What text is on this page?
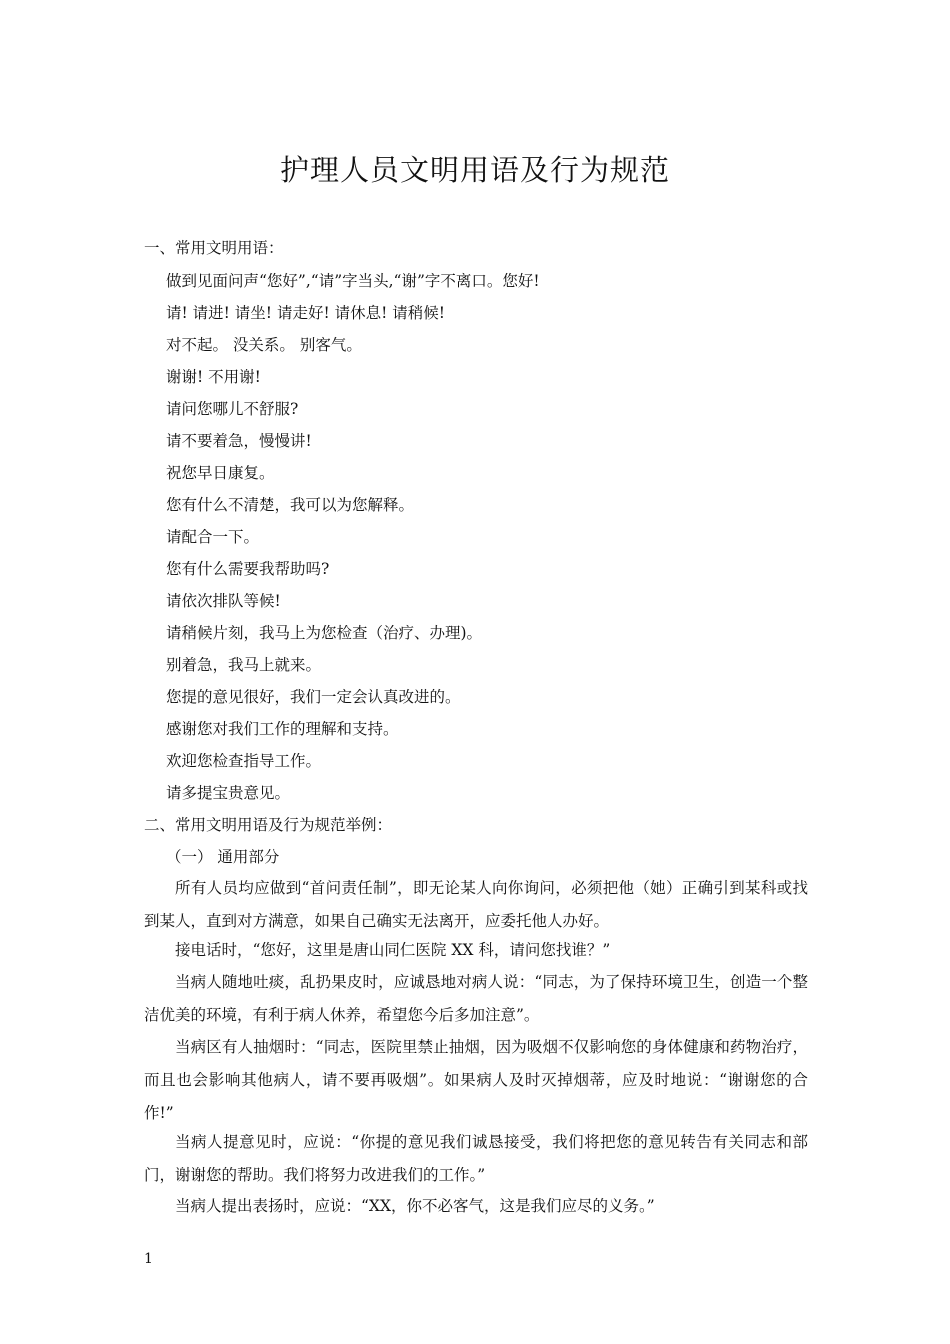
护理人员文明用语及行为规范
一、常用文明用语：
做到见面问声“您好”,“请”字当头,“谢”字不离口。您好!
请! 请进! 请坐! 请走好! 请休息! 请稍候!
对不起。 没关系。 别客气。
谢谢! 不用谢!
请问您哪儿不舒服?
请不要着急，慢慢讲!
祝您早日康复。
您有什么不清楚，我可以为您解释。
请配合一下。
您有什么需要我帮助吗?
请依次排队等候!
请稍候片刻，我马上为您检查（治疗、办理)。
别着急，我马上就来。
您提的意见很好，我们一定会认真改进的。
感谢您对我们工作的理解和支持。
欢迎您检查指导工作。
请多提宝贵意见。
二、常用文明用语及行为规范举例：
（一） 通用部分
所有人员均应做到“首问责任制”，即无论某人向你询问，必须把他（她）正确引到某科或找到某人，直到对方满意，如果自己确实无法离开，应委托他人办好。
接电话时，“您好，这里是唐山同仁医院 XX 科，请问您找谁？”
当病人随地吐痰，乱扔果皮时，应诚恳地对病人说：“同志，为了保持环境卫生，创造一个整洁优美的环境，有利于病人休养，希望您今后多加注意”。
当病区有人抽烟时：“同志，医院里禁止抽烟，因为吸烟不仅影响您的身体健康和药物治疗，而且也会影响其他病人，请不要再吸烟”。如果病人及时灭掉烟蒂，应及时地说：“谢谢您的合作!”
当病人提意见时，应说：“你提的意见我们诚恳接受，我们将把您的意见转告有关同志和部门，谢谢您的帮助。我们将努力改进我们的工作。”
当病人提出表扬时，应说：“XX，你不必客气，这是我们应尽的义务。”
1
